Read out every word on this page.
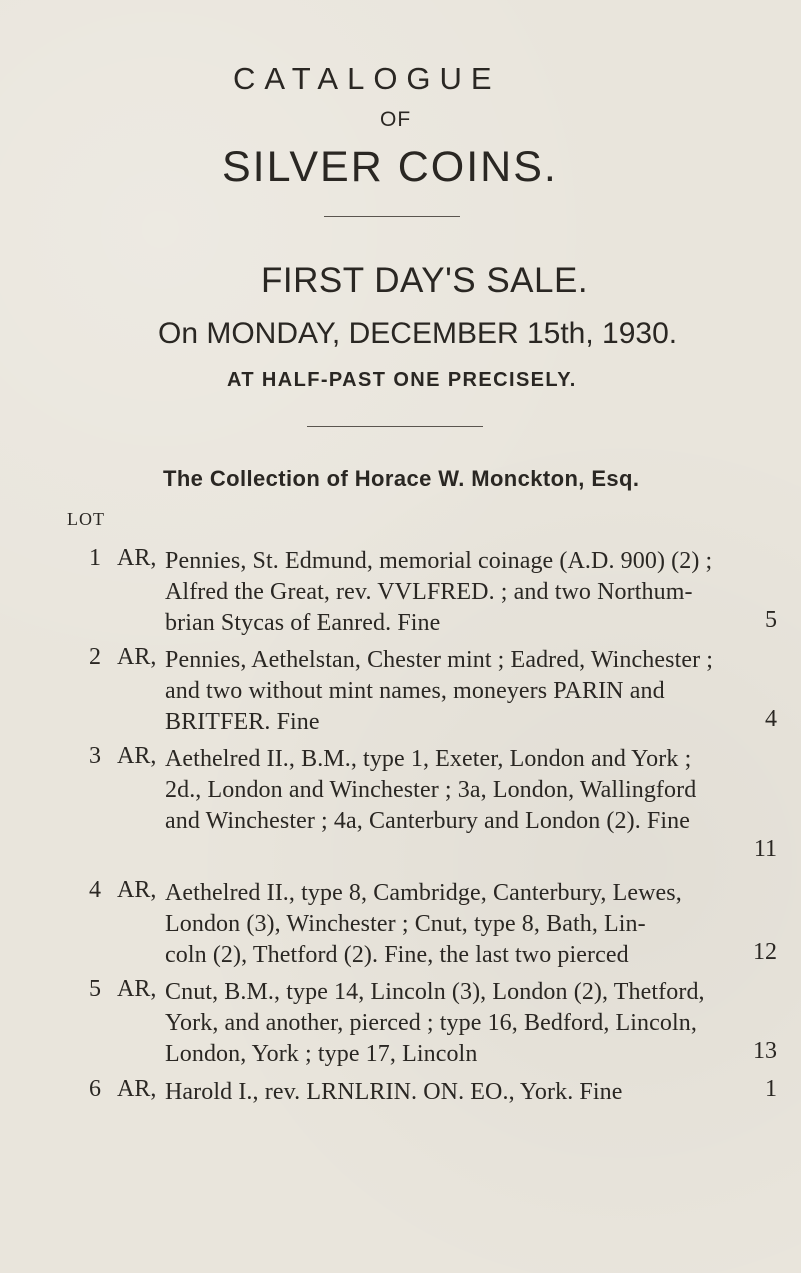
CATALOGUE
OF
SILVER COINS.
FIRST DAY'S SALE.
On MONDAY, DECEMBER 15th, 1930.
AT HALF-PAST ONE PRECISELY.
The Collection of Horace W. Monckton, Esq.
LOT
1 AR, Pennies, St. Edmund, memorial coinage (A.D. 900) (2) ;
Alfred the Great, rev. VVLFRED. ; and two Northum-
brian Stycas of Eanred. Fine	5
2 AR, Pennies, Aethelstan, Chester mint ; Eadred, Winchester ;
and two without mint names, moneyers PARIN and
BRITFER. Fine	4
3 AR, Aethelred II., B.M., type 1, Exeter, London and York ;
2d., London and Winchester ; 3a, London, Wallingford
and Winchester ; 4a, Canterbury and London (2). Fine
11
4 AR, Aethelred II., type 8, Cambridge, Canterbury, Lewes,
London (3), Winchester ; Cnut, type 8, Bath, Lin-
coln (2), Thetford (2). Fine, the last two pierced	12
5 AR, Cnut, B.M., type 14, Lincoln (3), London (2), Thetford,
York, and another, pierced ; type 16, Bedford, Lincoln,
London, York ; type 17, Lincoln	13
6 AR, Harold I., rev. LRNLRIN. ON. EO., York. Fine	1
